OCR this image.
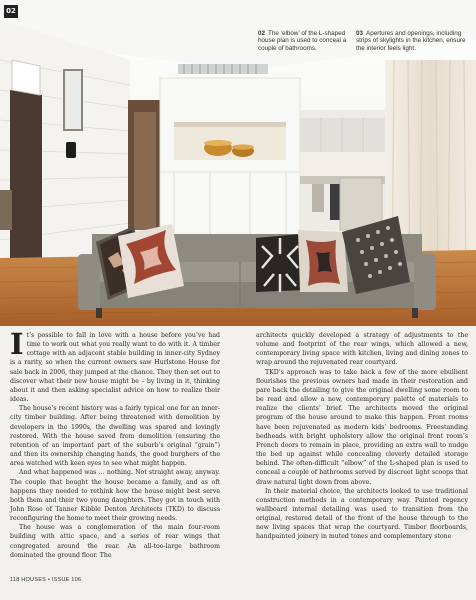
02
02 The ‘elbow’ of the L-shaped house plan is used to conceal a couple of bathrooms.
03 Apertures and openings, including strips of skylights in the kitchen, ensure the interior feels light.

It’s possible to fall in love with a house before you’ve had time to work out what you really want to do with it. A timber cottage with an adjacent stable building in inner-city Sydney is a rarity, so when the current owners saw Hurlstone House for sale back in 2006, they jumped at the chance. They then set out to discover what their new house might be – by living in it, thinking about it and then asking specialist advice on how to realize their ideas.

The house’s recent history was a fairly typical one for an inner-city timber building. After being threatened with demolition by developers in the 1990s, the dwelling was spared and lovingly restored. With the house saved from demolition (ensuring the retention of an important part of the suburb’s original “grain”) and then its ownership changing hands, the good burghers of the area watched with keen eyes to see what might happen.

And what happened was … nothing. Not straight away, anyway. The couple that bought the house became a family, and as oft happens they needed to rethink how the house might best serve both them and their two young daughters. They got in touch with John Rose of Tanner Kibble Denton Architects (TKD) to discuss reconfiguring the home to meet their growing needs.

The house was a conglomeration of the main four-room building with attic space, and a series of rear wings that congregated around the rear. An all-too-large bathroom dominated the ground floor. The

architects quickly developed a strategy of adjustments to the volume and footprint of the rear wings, which allowed a new, contemporary living space with kitchen, living and dining zones to wrap around the rejuvenated rear courtyard.

TKD’s approach was to take back a few of the more ebullient flourishes the previous owners had made in their restoration and pare back the detailing to give the original dwelling some room to be read and allow a new, contemporary palette of materials to realize the clients’ brief. The architects moved the original program of the house around to make this happen. Front rooms have been rejuvenated as modern kids’ bedrooms. Freestanding bedheads with bright upholstery allow the original front room’s French doors to remain in place, providing an extra wall to nudge the bed up against while concealing cleverly detailed storage behind. The often-difficult “elbow” of the L-shaped plan is used to conceal a couple of bathrooms served by discreet light scoops that draw natural light down from above.

In their material choice, the architects looked to use traditional construction methods in a contemporary way. Painted regency wallboard internal detailing was used to transition from the original, restored detail of the front of the house through to the new living spaces that wrap the courtyard. Timber floorboards, handpainted joinery in muted tones and complementary stone

118 HOUSES • ISSUE 106
